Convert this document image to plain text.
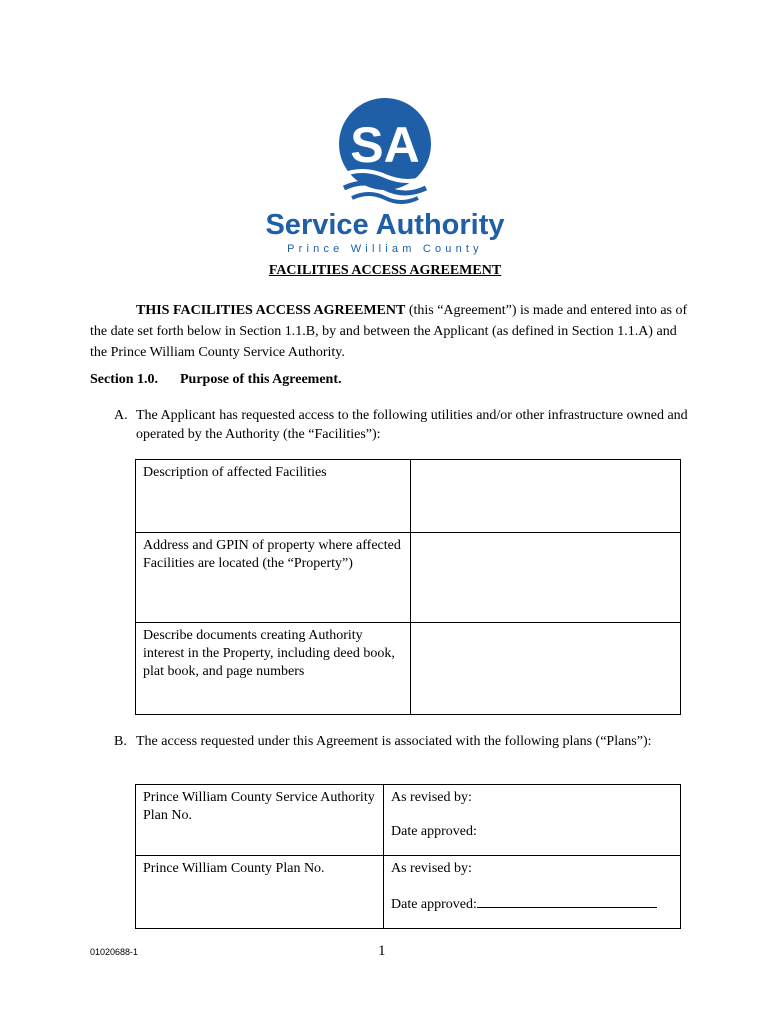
SA
Service Authority
Prince William County
FACILITIES ACCESS AGREEMENT
THIS FACILITIES ACCESS AGREEMENT (this “Agreement”) is made and entered into as of the date set forth below in Section 1.1.B, by and between the Applicant (as defined in Section 1.1.A) and the Prince William County Service Authority.
Section 1.0. Purpose of this Agreement.
A. The Applicant has requested access to the following utilities and/or other infrastructure owned and operated by the Authority (the “Facilities”):
Description of affected Facilities	
Address and GPIN of property where affected Facilities are located (the “Property”)	
Describe documents creating Authority interest in the Property, including deed book, plat book, and page numbers	
B. The access requested under this Agreement is associated with the following plans (“Plans”):
Prince William County Service Authority Plan No.	As revised by:
Date approved:
Prince William County Plan No.	As revised by:
Date approved:
01020688-1	1
